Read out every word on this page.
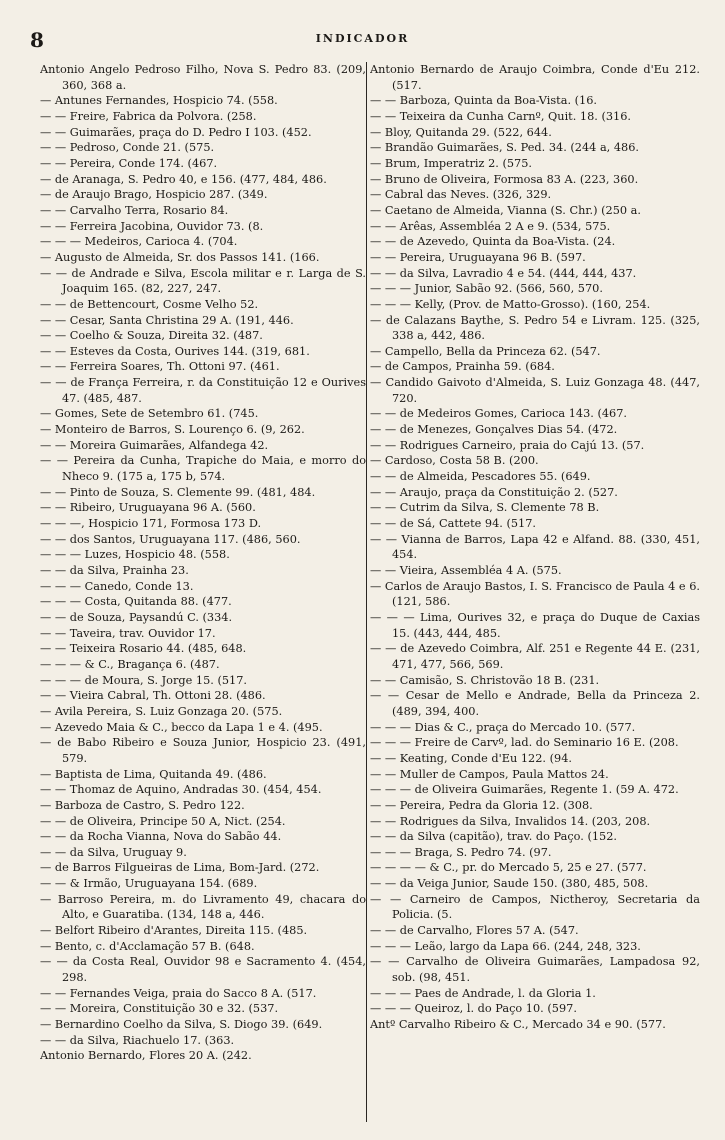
8	INDICADOR

Antonio Angelo Pedroso Filho, Nova S. Pedro 83. (209, 360, 368 a.

— Antunes Fernandes, Hospicio 74. (558.

— — Freire, Fabrica da Polvora. (258.

— — Guimarães, praça do D. Pedro I 103. (452.

— — Pedroso, Conde 21. (575.

— — Pereira, Conde 174. (467.

— de Aranaga, S. Pedro 40, e 156. (477, 484, 486.

— de Araujo Brago, Hospicio 287. (349.

— — Carvalho Terra, Rosario 84.

— — Ferreira Jacobina, Ouvidor 73. (8.

— — — Medeiros, Carioca 4. (704.

— Augusto de Almeida, Sr. dos Passos 141. (166.

— — de Andrade e Silva, Escola militar e r. Larga de S. Joaquim 165. (82, 227, 247.

— — de Bettencourt, Cosme Velho 52.

— — Cesar, Santa Christina 29 A. (191, 446.

— — Coelho & Souza, Direita 32. (487.

— — Esteves da Costa, Ourives 144. (319, 681.

— — Ferreira Soares, Th. Ottoni 97. (461.

— — de França Ferreira, r. da Constituição 12 e Ourives 47. (485, 487.

— Gomes, Sete de Setembro 61. (745.

— Monteiro de Barros, S. Lourenço 6. (9, 262.

— — Moreira Guimarães, Alfandega 42.

— — Pereira da Cunha, Trapiche do Maia, e morro do Nheco 9. (175 a, 175 b, 574.

— — Pinto de Souza, S. Clemente 99. (481, 484.

— — Ribeiro, Uruguayana 96 A. (560.

— — —, Hospicio 171, Formosa 173 D.

— — dos Santos, Uruguayana 117. (486, 560.

— — — Luzes, Hospicio 48. (558.

— — da Silva, Prainha 23.

— — — Canedo, Conde 13.

— — — Costa, Quitanda 88. (477.

— — de Souza, Paysandú C. (334.

— — Taveira, trav. Ouvidor 17.

— — Teixeira Rosario 44. (485, 648.

— — — & C., Bragança 6. (487.

— — — de Moura, S. Jorge 15. (517.

— — Vieira Cabral, Th. Ottoni 28. (486.

— Avila Pereira, S. Luiz Gonzaga 20. (575.

— Azevedo Maia & C., becco da Lapa 1 e 4. (495.

— de Babo Ribeiro e Souza Junior, Hospicio 23. (491, 579.

— Baptista de Lima, Quitanda 49. (486.

— — Thomaz de Aquino, Andradas 30. (454, 454.

— Barboza de Castro, S. Pedro 122.

— — de Oliveira, Principe 50 A, Nict. (254.

— — da Rocha Vianna, Nova do Sabão 44.

— — da Silva, Uruguay 9.

— de Barros Filgueiras de Lima, Bom-Jard. (272.

— — & Irmão, Uruguayana 154. (689.

— Barroso Pereira, m. do Livramento 49, chacara do Alto, e Guaratiba. (134, 148 a, 446.

— Belfort Ribeiro d'Arantes, Direita 115. (485.

— Bento, c. d'Acclamação 57 B. (648.

— — da Costa Real, Ouvidor 98 e Sacramento 4. (454, 298.

— — Fernandes Veiga, praia do Sacco 8 A. (517.

— — Moreira, Constituição 30 e 32. (537.

— Bernardino Coelho da Silva, S. Diogo 39. (649.

— — da Silva, Riachuelo 17. (363.

Antonio Bernardo, Flores 20 A. (242.

Antonio Bernardo de Araujo Coimbra, Conde d'Eu 212. (517.

— — Barboza, Quinta da Boa-Vista. (16.

— — Teixeira da Cunha Carnº, Quit. 18. (316.

— Bloy, Quitanda 29. (522, 644.

— Brandão Guimarães, S. Ped. 34. (244 a, 486.

— Brum, Imperatriz 2. (575.

— Bruno de Oliveira, Formosa 83 A. (223, 360.

— Cabral das Neves. (326, 329.

— Caetano de Almeida, Vianna (S. Chr.) (250 a.

— — Arêas, Assembléa 2 A e 9. (534, 575.

— — de Azevedo, Quinta da Boa-Vista. (24.

— — Pereira, Uruguayana 96 B. (597.

— — da Silva, Lavradio 4 e 54. (444, 444, 437.

— — — Junior, Sabão 92. (566, 560, 570.

— — — Kelly, (Prov. de Matto-Grosso). (160, 254.

— de Calazans Baythe, S. Pedro 54 e Livram. 125. (325, 338 a, 442, 486.

— Campello, Bella da Princeza 62. (547.

— de Campos, Prainha 59. (684.

— Candido Gaivoto d'Almeida, S. Luiz Gonzaga 48. (447, 720.

— — de Medeiros Gomes, Carioca 143. (467.

— — de Menezes, Gonçalves Dias 54. (472.

— — Rodrigues Carneiro, praia do Cajú 13. (57.

— Cardoso, Costa 58 B. (200.

— — de Almeida, Pescadores 55. (649.

— — Araujo, praça da Constituição 2. (527.

— — Cutrim da Silva, S. Clemente 78 B.

— — de Sá, Cattete 94. (517.

— — Vianna de Barros, Lapa 42 e Alfand. 88. (330, 451, 454.

— — Vieira, Assembléa 4 A. (575.

— Carlos de Araujo Bastos, I. S. Francisco de Paula 4 e 6. (121, 586.

— — — Lima, Ourives 32, e praça do Duque de Caxias 15. (443, 444, 485.

— — de Azevedo Coimbra, Alf. 251 e Regente 44 E. (231, 471, 477, 566, 569.

— — Camisão, S. Christovão 18 B. (231.

— — Cesar de Mello e Andrade, Bella da Princeza 2. (489, 394, 400.

— — — Dias & C., praça do Mercado 10. (577.

— — — Freire de Carvº, lad. do Seminario 16 E. (208.

— — Keating, Conde d'Eu 122. (94.

— — Muller de Campos, Paula Mattos 24.

— — — de Oliveira Guimarães, Regente 1. (59 A. 472.

— — Pereira, Pedra da Gloria 12. (308.

— — Rodrigues da Silva, Invalidos 14. (203, 208.

— — da Silva (capitão), trav. do Paço. (152.

— — — Braga, S. Pedro 74. (97.

— — — — & C., pr. do Mercado 5, 25 e 27. (577.

— — da Veiga Junior, Saude 150. (380, 485, 508.

— — Carneiro de Campos, Nictheroy, Secretaria da Policia. (5.

— — de Carvalho, Flores 57 A. (547.

— — — Leão, largo da Lapa 66. (244, 248, 323.

— — Carvalho de Oliveira Guimarães, Lampadosa 92, sob. (98, 451.

— — — Paes de Andrade, l. da Gloria 1.

— — — Queiroz, l. do Paço 10. (597.

Antº Carvalho Ribeiro & C., Mercado 34 e 90. (577.
